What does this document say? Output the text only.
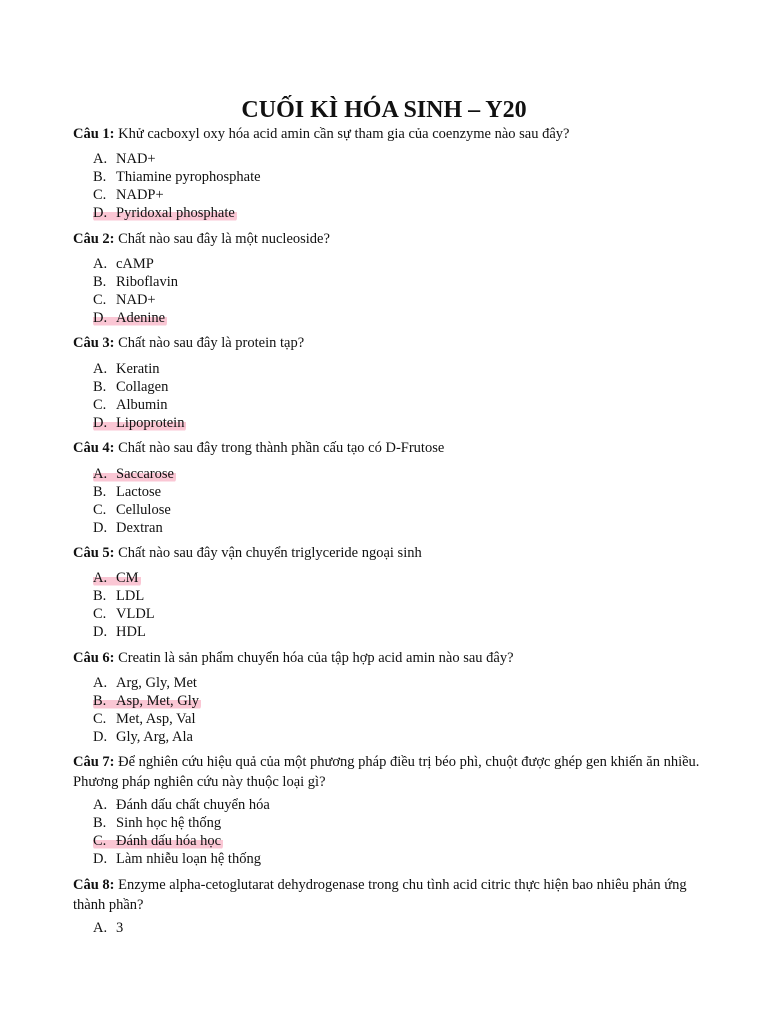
CUỐI KÌ HÓA SINH – Y20
Câu 1: Khử cacboxyl oxy hóa acid amin cần sự tham gia của coenzyme nào sau đây?
A. NAD+
B. Thiamine pyrophosphate
C. NADP+
D. Pyridoxal phosphate
Câu 2: Chất nào sau đây là một nucleoside?
A. cAMP
B. Riboflavin
C. NAD+
D. Adenine
Câu 3: Chất nào sau đây là protein tạp?
A. Keratin
B. Collagen
C. Albumin
D. Lipoprotein
Câu 4: Chất nào sau đây trong thành phần cấu tạo có D-Frutose
A. Saccarose
B. Lactose
C. Cellulose
D. Dextran
Câu 5: Chất nào sau đây vận chuyển triglyceride ngoại sinh
A. CM
B. LDL
C. VLDL
D. HDL
Câu 6: Creatin là sản phẩm chuyển hóa của tập hợp acid amin nào sau đây?
A. Arg, Gly, Met
B. Asp, Met, Gly
C. Met, Asp, Val
D. Gly, Arg, Ala
Câu 7: Để nghiên cứu hiệu quả của một phương pháp điều trị béo phì, chuột được ghép gen khiến ăn nhiều. Phương pháp nghiên cứu này thuộc loại gì?
A. Đánh dấu chất chuyển hóa
B. Sinh học hệ thống
C. Đánh dấu hóa học
D. Làm nhiễu loạn hệ thống
Câu 8: Enzyme alpha-cetoglutarat dehydrogenase trong chu tình acid citric thực hiện bao nhiêu phản ứng thành phần?
A. 3
